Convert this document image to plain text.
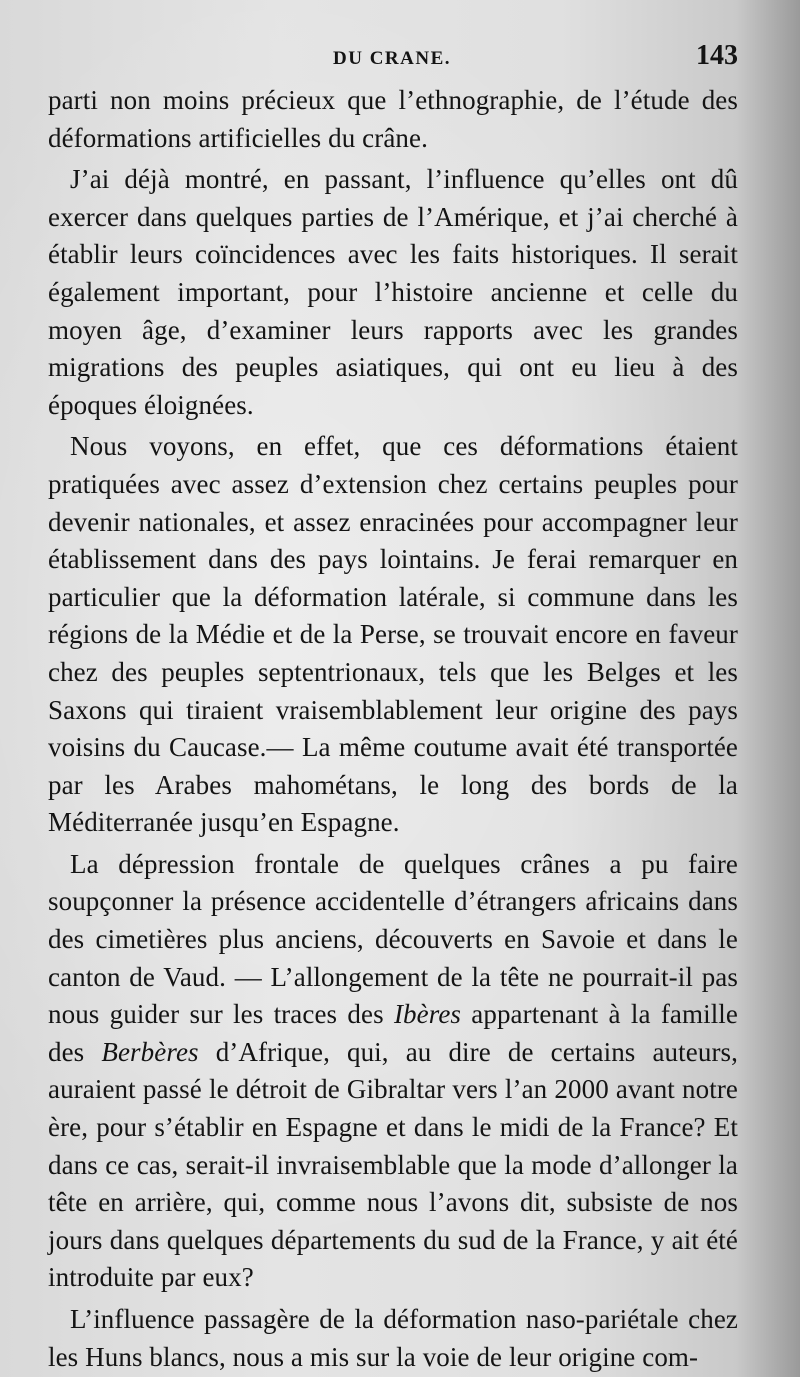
DU CRANE.	143

parti non moins précieux que l’ethnographie, de l’étude des déformations artificielles du crâne.

J’ai déjà montré, en passant, l’influence qu’elles ont dû exercer dans quelques parties de l’Amérique, et j’ai cherché à établir leurs coïncidences avec les faits historiques. Il serait également important, pour l’histoire ancienne et celle du moyen âge, d’examiner leurs rapports avec les grandes migrations des peuples asiatiques, qui ont eu lieu à des époques éloignées.

Nous voyons, en effet, que ces déformations étaient pratiquées avec assez d’extension chez certains peuples pour devenir nationales, et assez enracinées pour accompagner leur établissement dans des pays lointains. Je ferai remarquer en particulier que la déformation latérale, si commune dans les régions de la Médie et de la Perse, se trouvait encore en faveur chez des peuples septentrionaux, tels que les Belges et les Saxons qui tiraient vraisemblablement leur origine des pays voisins du Caucase.— La même coutume avait été transportée par les Arabes mahométans, le long des bords de la Méditerranée jusqu’en Espagne.

La dépression frontale de quelques crânes a pu faire soupçonner la présence accidentelle d’étrangers africains dans des cimetières plus anciens, découverts en Savoie et dans le canton de Vaud. — L’allongement de la tête ne pourrait-il pas nous guider sur les traces des Ibères appartenant à la famille des Berbères d’Afrique, qui, au dire de certains auteurs, auraient passé le détroit de Gibraltar vers l’an 2000 avant notre ère, pour s’établir en Espagne et dans le midi de la France? Et dans ce cas, serait-il invraisemblable que la mode d’allonger la tête en arrière, qui, comme nous l’avons dit, subsiste de nos jours dans quelques départements du sud de la France, y ait été introduite par eux?

L’influence passagère de la déformation naso-pariétale chez les Huns blancs, nous a mis sur la voie de leur origine com-
